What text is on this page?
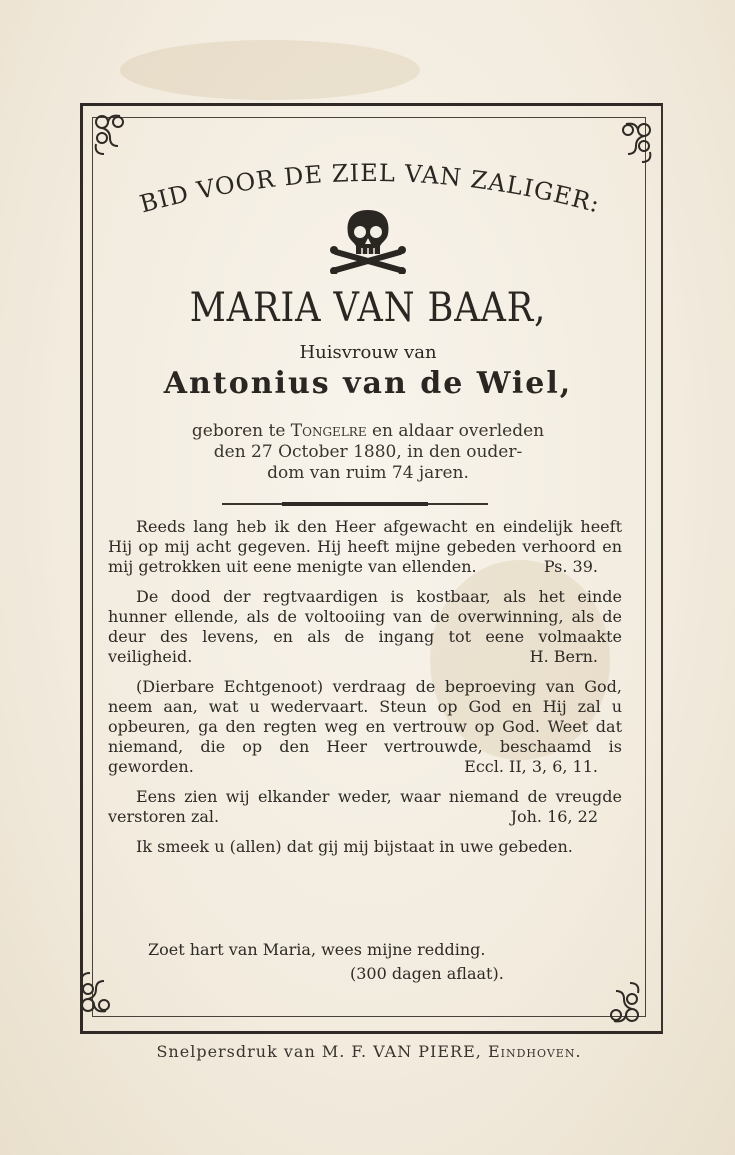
BID VOOR DE ZIEL VAN ZALIGER:
MARIA VAN BAAR,
Huisvrouw van
Antonius van de Wiel,
geboren te Tongelre en aldaar overleden
den 27 October 1880, in den ouder-
dom van ruim 74 jaren.

Reeds lang heb ik den Heer afgewacht en eindelijk heeft Hij op mij acht gegeven. Hij heeft mijne gebeden verhoord en mij getrokken uit eene menigte van ellenden.	Ps. 39.

De dood der regtvaardigen is kostbaar, als het einde hunner ellende, als de voltooiing van de overwinning, als de deur des levens, en als de ingang tot eene volmaakte veiligheid.	H. Bern.

(Dierbare Echtgenoot) verdraag de beproeving van God, neem aan, wat u wedervaart. Steun op God en Hij zal u opbeuren, ga den regten weg en vertrouw op God. Weet dat niemand, die op den Heer vertrouwde, beschaamd is geworden.	Eccl. II, 3, 6, 11.

Eens zien wij elkander weder, waar niemand de vreugde verstoren zal.	Joh. 16, 22

Ik smeek u (allen) dat gij mij bijstaat in uwe gebeden.

Zoet hart van Maria, wees mijne redding.
(300 dagen aflaat).
Snelpersdruk van M. F. VAN PIERE, Eindhoven.
